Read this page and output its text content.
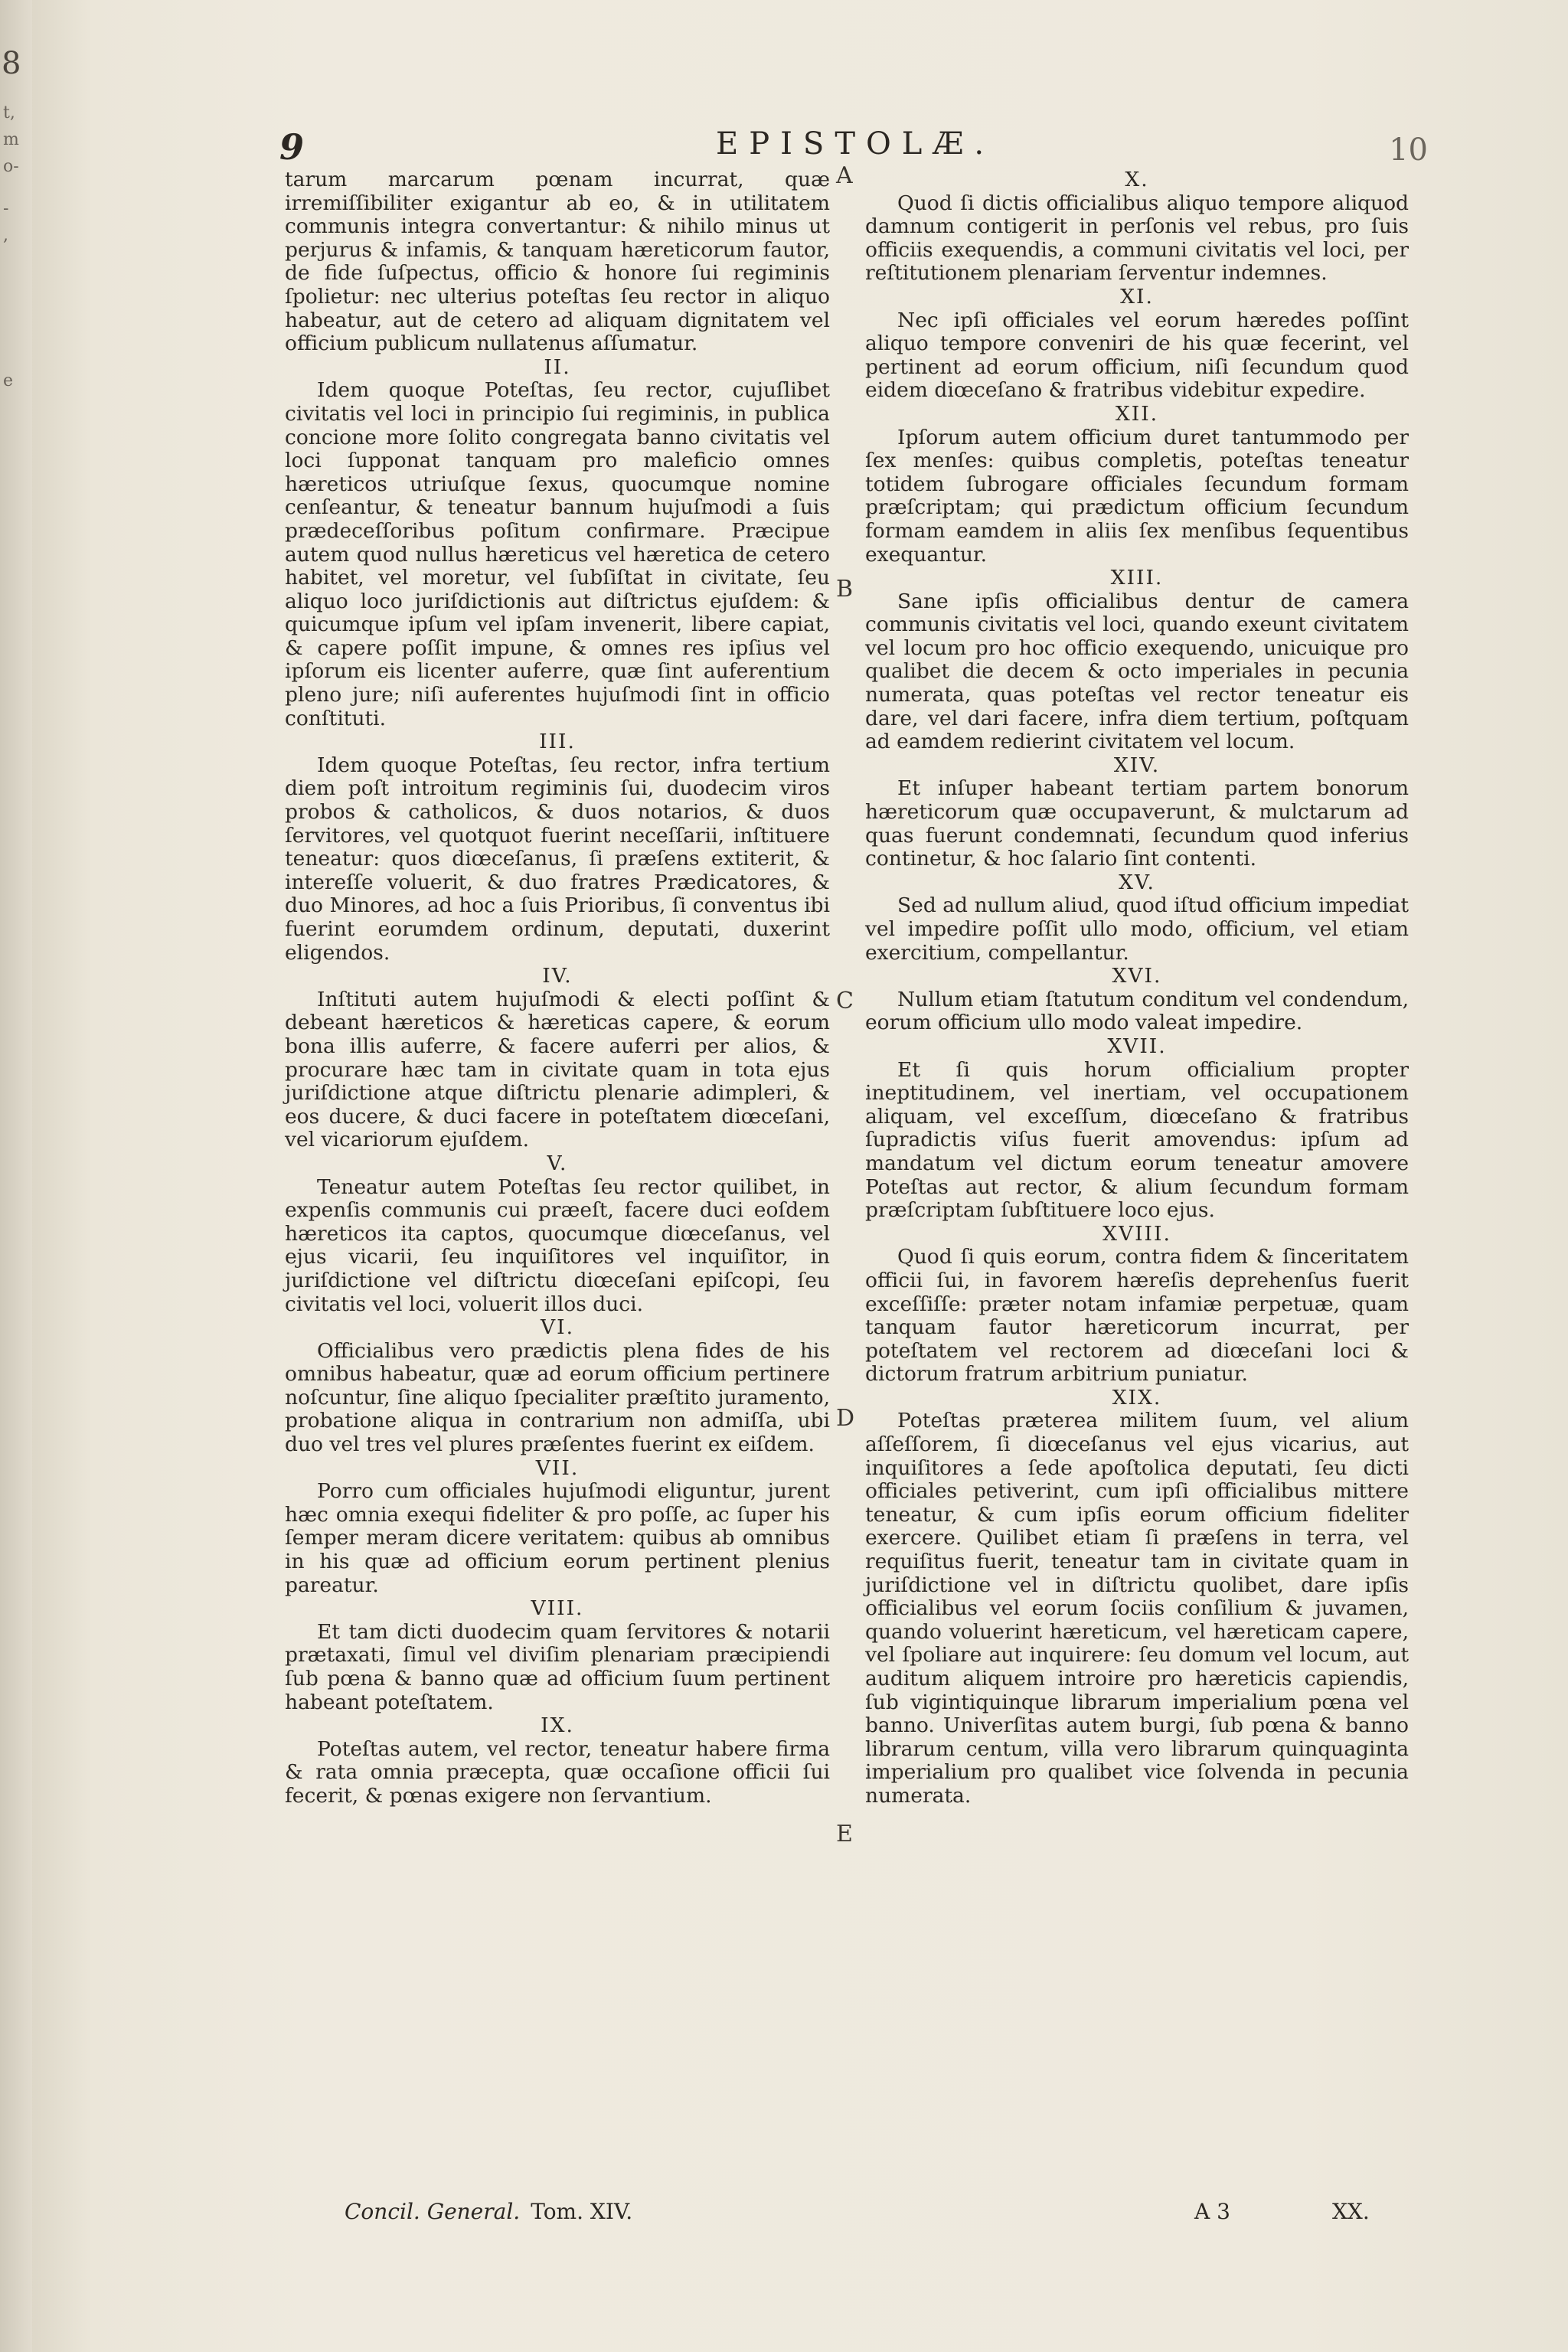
8
t,
m
o-
,
-
e
9	EPISTOLÆ.	10

tarum marcarum pœnam incurrat, quæ irremiſſibiliter exigantur ab eo, & in utilitatem communis integra convertantur: & nihilo minus ut perjurus & infamis, & tanquam hæreticorum fautor, de fide ſuſpectus, officio & honore ſui regiminis ſpolietur: nec ulterius poteſtas ſeu rector in aliquo habeatur, aut de cetero ad aliquam dignitatem vel officium publicum nullatenus aſſumatur.

II.

Idem quoque Poteſtas, ſeu rector, cujuſlibet civitatis vel loci in principio ſui regiminis, in publica concione more ſolito congregata banno civitatis vel loci ſupponat tanquam pro maleficio omnes hæreticos utriuſque ſexus, quocumque nomine cenſeantur, & teneatur bannum hujuſmodi a ſuis prædeceſſoribus poſitum confirmare. Præcipue autem quod nullus hæreticus vel hæretica de cetero habitet, vel moretur, vel ſubſiſtat in civitate, ſeu aliquo loco juriſdictionis aut diſtrictus ejuſdem: & quicumque ipſum vel ipſam invenerit, libere capiat, & capere poſſit impune, & omnes res ipſius vel ipſorum eis licenter auferre, quæ ſint auferentium pleno jure; niſi auferentes hujuſmodi ſint in officio conſtituti.

III.

Idem quoque Poteſtas, ſeu rector, infra tertium diem poſt introitum regiminis ſui, duodecim viros probos & catholicos, & duos notarios, & duos ſervitores, vel quotquot fuerint neceſſarii, inſtituere teneatur: quos diœceſanus, ſi præſens extiterit, & intereſſe voluerit, & duo fratres Prædicatores, & duo Minores, ad hoc a ſuis Prioribus, ſi conventus ibi fuerint eorumdem ordinum, deputati, duxerint eligendos.

IV.

Inſtituti autem hujuſmodi & electi poſſint & debeant hæreticos & hæreticas capere, & eorum bona illis auferre, & facere auferri per alios, & procurare hæc tam in civitate quam in tota ejus juriſdictione atque diſtrictu plenarie adimpleri, & eos ducere, & duci facere in poteſtatem diœceſani, vel vicariorum ejuſdem.

V.

Teneatur autem Poteſtas ſeu rector quilibet, in expenſis communis cui præeſt, facere duci eoſdem hæreticos ita captos, quocumque diœceſanus, vel ejus vicarii, ſeu inquiſitores vel inquiſitor, in juriſdictione vel diſtrictu diœceſani epiſcopi, ſeu civitatis vel loci, voluerit illos duci.

VI.

Officialibus vero prædictis plena fides de his omnibus habeatur, quæ ad eorum officium pertinere noſcuntur, ſine aliquo ſpecialiter præſtito juramento, probatione aliqua in contrarium non admiſſa, ubi duo vel tres vel plures præſentes fuerint ex eiſdem.

VII.

Porro cum officiales hujuſmodi eliguntur, jurent hæc omnia exequi fideliter & pro poſſe, ac ſuper his ſemper meram dicere veritatem: quibus ab omnibus in his quæ ad officium eorum pertinent plenius pareatur.

VIII.

Et tam dicti duodecim quam ſervitores & notarii prætaxati, ſimul vel diviſim plenariam præcipiendi ſub pœna & banno quæ ad officium ſuum pertinent habeant poteſtatem.

IX.

Poteſtas autem, vel rector, teneatur habere firma & rata omnia præcepta, quæ occaſione officii ſui fecerit, & pœnas exigere non ſervantium.

X.

Quod ſi dictis officialibus aliquo tempore aliquod damnum contigerit in perſonis vel rebus, pro ſuis officiis exequendis, a communi civitatis vel loci, per reſtitutionem plenariam ſerventur indemnes.

XI.

Nec ipſi officiales vel eorum hæredes poſſint aliquo tempore conveniri de his quæ fecerint, vel pertinent ad eorum officium, niſi ſecundum quod eidem diœceſano & fratribus videbitur expedire.

XII.

Ipſorum autem officium duret tantummodo per ſex menſes: quibus completis, poteſtas teneatur totidem ſubrogare officiales ſecundum formam præſcriptam; qui prædictum officium ſecundum formam eamdem in aliis ſex menſibus ſequentibus exequantur.

XIII.

Sane ipſis officialibus dentur de camera communis civitatis vel loci, quando exeunt civitatem vel locum pro hoc officio exequendo, unicuique pro qualibet die decem & octo imperiales in pecunia numerata, quas poteſtas vel rector teneatur eis dare, vel dari facere, infra diem tertium, poſtquam ad eamdem redierint civitatem vel locum.

XIV.

Et inſuper habeant tertiam partem bonorum hæreticorum quæ occupaverunt, & mulctarum ad quas fuerunt condemnati, ſecundum quod inferius continetur, & hoc ſalario ſint contenti.

XV.

Sed ad nullum aliud, quod iſtud officium impediat vel impedire poſſit ullo modo, officium, vel etiam exercitium, compellantur.

XVI.

Nullum etiam ſtatutum conditum vel condendum, eorum officium ullo modo valeat impedire.

XVII.

Et ſi quis horum officialium propter ineptitudinem, vel inertiam, vel occupationem aliquam, vel exceſſum, diœceſano & fratribus ſupradictis viſus fuerit amovendus: ipſum ad mandatum vel dictum eorum teneatur amovere Poteſtas aut rector, & alium ſecundum formam præſcriptam ſubſtituere loco ejus.

XVIII.

Quod ſi quis eorum, contra fidem & ſinceritatem officii ſui, in favorem hæreſis deprehenſus fuerit exceſſiſſe: præter notam infamiæ perpetuæ, quam tanquam fautor hæreticorum incurrat, per poteſtatem vel rectorem ad diœceſani loci & dictorum fratrum arbitrium puniatur.

XIX.

Poteſtas præterea militem ſuum, vel alium aſſeſſorem, ſi diœceſanus vel ejus vicarius, aut inquiſitores a ſede apoſtolica deputati, ſeu dicti officiales petiverint, cum ipſi officialibus mittere teneatur, & cum ipſis eorum officium fideliter exercere. Quilibet etiam ſi præſens in terra, vel requiſitus fuerit, teneatur tam in civitate quam in juriſdictione vel in diſtrictu quolibet, dare ipſis officialibus vel eorum ſociis conſilium & juvamen, quando voluerint hæreticum, vel hæreticam capere, vel ſpoliare aut inquirere: ſeu domum vel locum, aut auditum aliquem introire pro hæreticis capiendis, ſub vigintiquinque librarum imperialium pœna vel banno. Univerſitas autem burgi, ſub pœna & banno librarum centum, villa vero librarum quinquaginta imperialium pro qualibet vice ſolvenda in pecunia numerata.

A
B
C
D
E
Concil. General. Tom. XIV.	A 3	XX.
